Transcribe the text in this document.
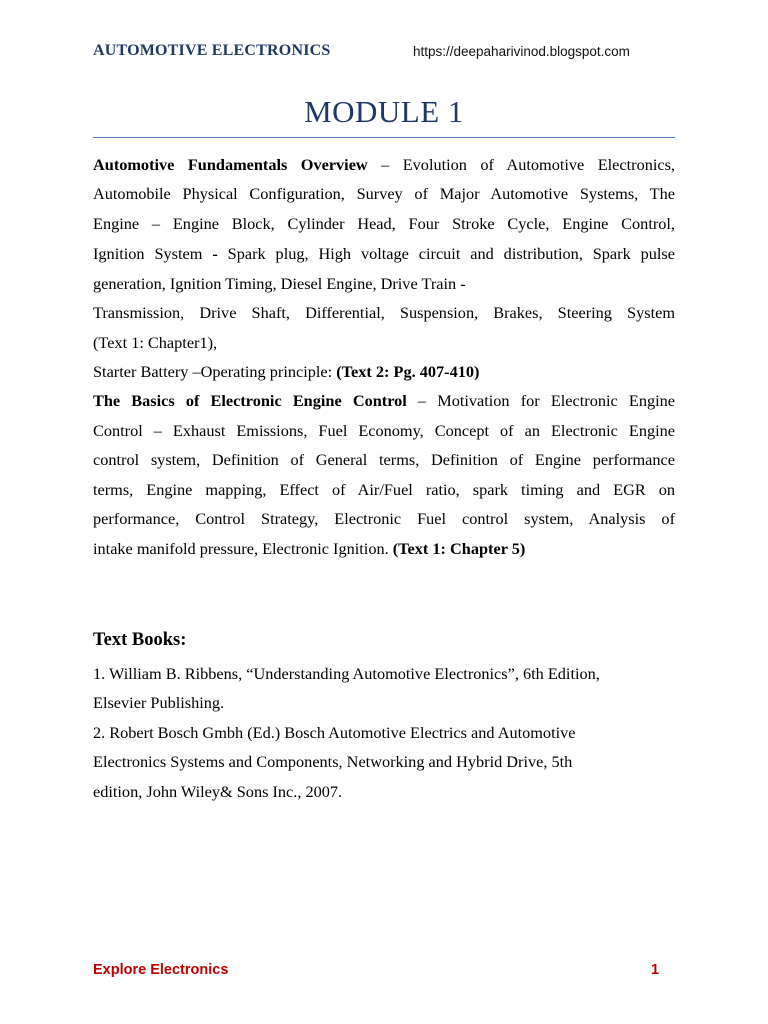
AUTOMOTIVE ELECTRONICS	https://deepaharivinod.blogspot.com
MODULE 1
Automotive Fundamentals Overview – Evolution of Automotive Electronics,
Automobile Physical Configuration, Survey of Major Automotive Systems, The
Engine – Engine Block, Cylinder Head, Four Stroke Cycle, Engine Control,
Ignition System - Spark plug, High voltage circuit and distribution, Spark pulse
generation, Ignition Timing, Diesel Engine, Drive Train -
Transmission, Drive Shaft, Differential, Suspension, Brakes, Steering System
(Text 1: Chapter1),
Starter Battery –Operating principle: (Text 2: Pg. 407-410)
The Basics of Electronic Engine Control – Motivation for Electronic Engine
Control – Exhaust Emissions, Fuel Economy, Concept of an Electronic Engine
control system, Definition of General terms, Definition of Engine performance
terms, Engine mapping, Effect of Air/Fuel ratio, spark timing and EGR on
performance, Control Strategy, Electronic Fuel control system, Analysis of
intake manifold pressure, Electronic Ignition. (Text 1: Chapter 5)
Text Books:
1. William B. Ribbens, “Understanding Automotive Electronics”, 6th Edition,
Elsevier Publishing.
2. Robert Bosch Gmbh (Ed.) Bosch Automotive Electrics and Automotive
Electronics Systems and Components, Networking and Hybrid Drive, 5th
edition, John Wiley& Sons Inc., 2007.
Explore Electronics	1
